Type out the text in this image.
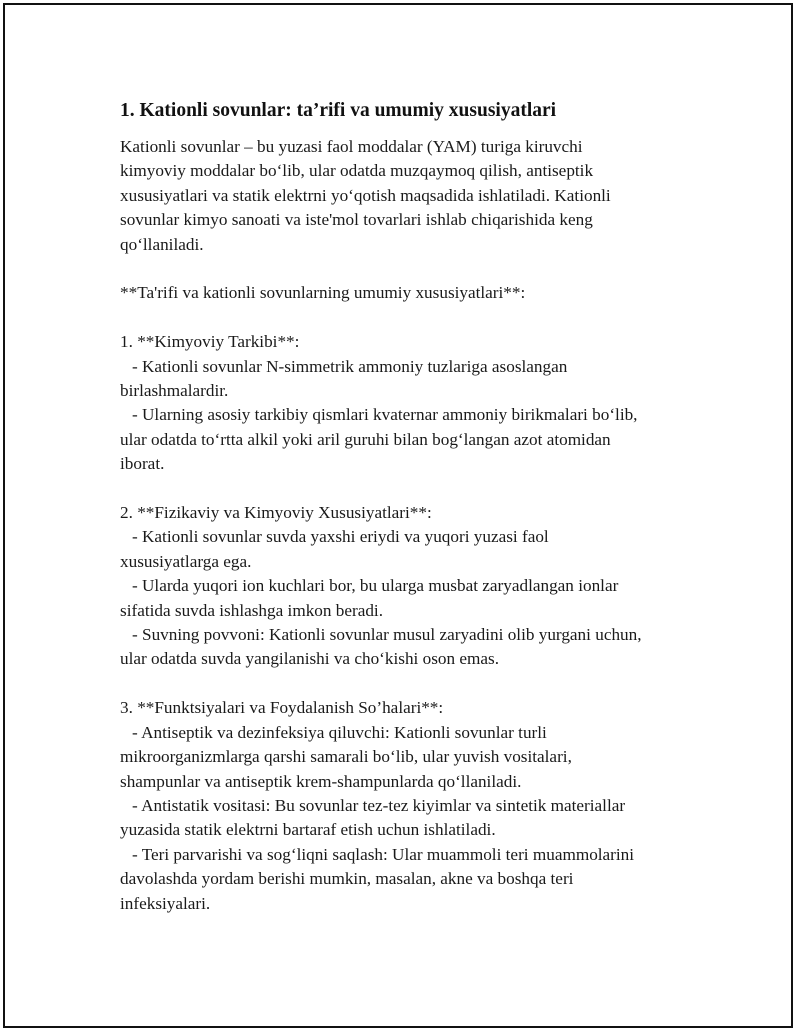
1. Kationli sovunlar: ta’rifi va umumiy xususiyatlari
Kationli sovunlar – bu yuzasi faol moddalar (YAM) turiga kiruvchi
kimyoviy moddalar bo‘lib, ular odatda muzqaymoq qilish, antiseptik
xususiyatlari va statik elektrni yo‘qotish maqsadida ishlatiladi. Kationli
sovunlar kimyo sanoati va iste'mol tovarlari ishlab chiqarishida keng
qo‘llaniladi.
**Ta'rifi va kationli sovunlarning umumiy xususiyatlari**:
1. **Kimyoviy Tarkibi**:
- Kationli sovunlar N-simmetrik ammoniy tuzlariga asoslangan
birlashmalardir.
- Ularning asosiy tarkibiy qismlari kvaternar ammoniy birikmalari bo‘lib,
ular odatda to‘rtta alkil yoki aril guruhi bilan bog‘langan azot atomidan
iborat.
2. **Fizikaviy va Kimyoviy Xususiyatlari**:
- Kationli sovunlar suvda yaxshi eriydi va yuqori yuzasi faol
xususiyatlarga ega.
- Ularda yuqori ion kuchlari bor, bu ularga musbat zaryadlangan ionlar
sifatida suvda ishlashga imkon beradi.
- Suvning povvoni: Kationli sovunlar musul zaryadini olib yurgani uchun,
ular odatda suvda yangilanishi va cho‘kishi oson emas.
3. **Funktsiyalari va Foydalanish So’halari**:
- Antiseptik va dezinfeksiya qiluvchi: Kationli sovunlar turli
mikroorganizmlarga qarshi samarali bo‘lib, ular yuvish vositalari,
shampunlar va antiseptik krem-shampunlarda qo‘llaniladi.
- Antistatik vositasi: Bu sovunlar tez-tez kiyimlar va sintetik materiallar
yuzasida statik elektrni bartaraf etish uchun ishlatiladi.
- Teri parvarishi va sog‘liqni saqlash: Ular muammoli teri muammolarini
davolashda yordam berishi mumkin, masalan, akne va boshqa teri
infeksiyalari.
